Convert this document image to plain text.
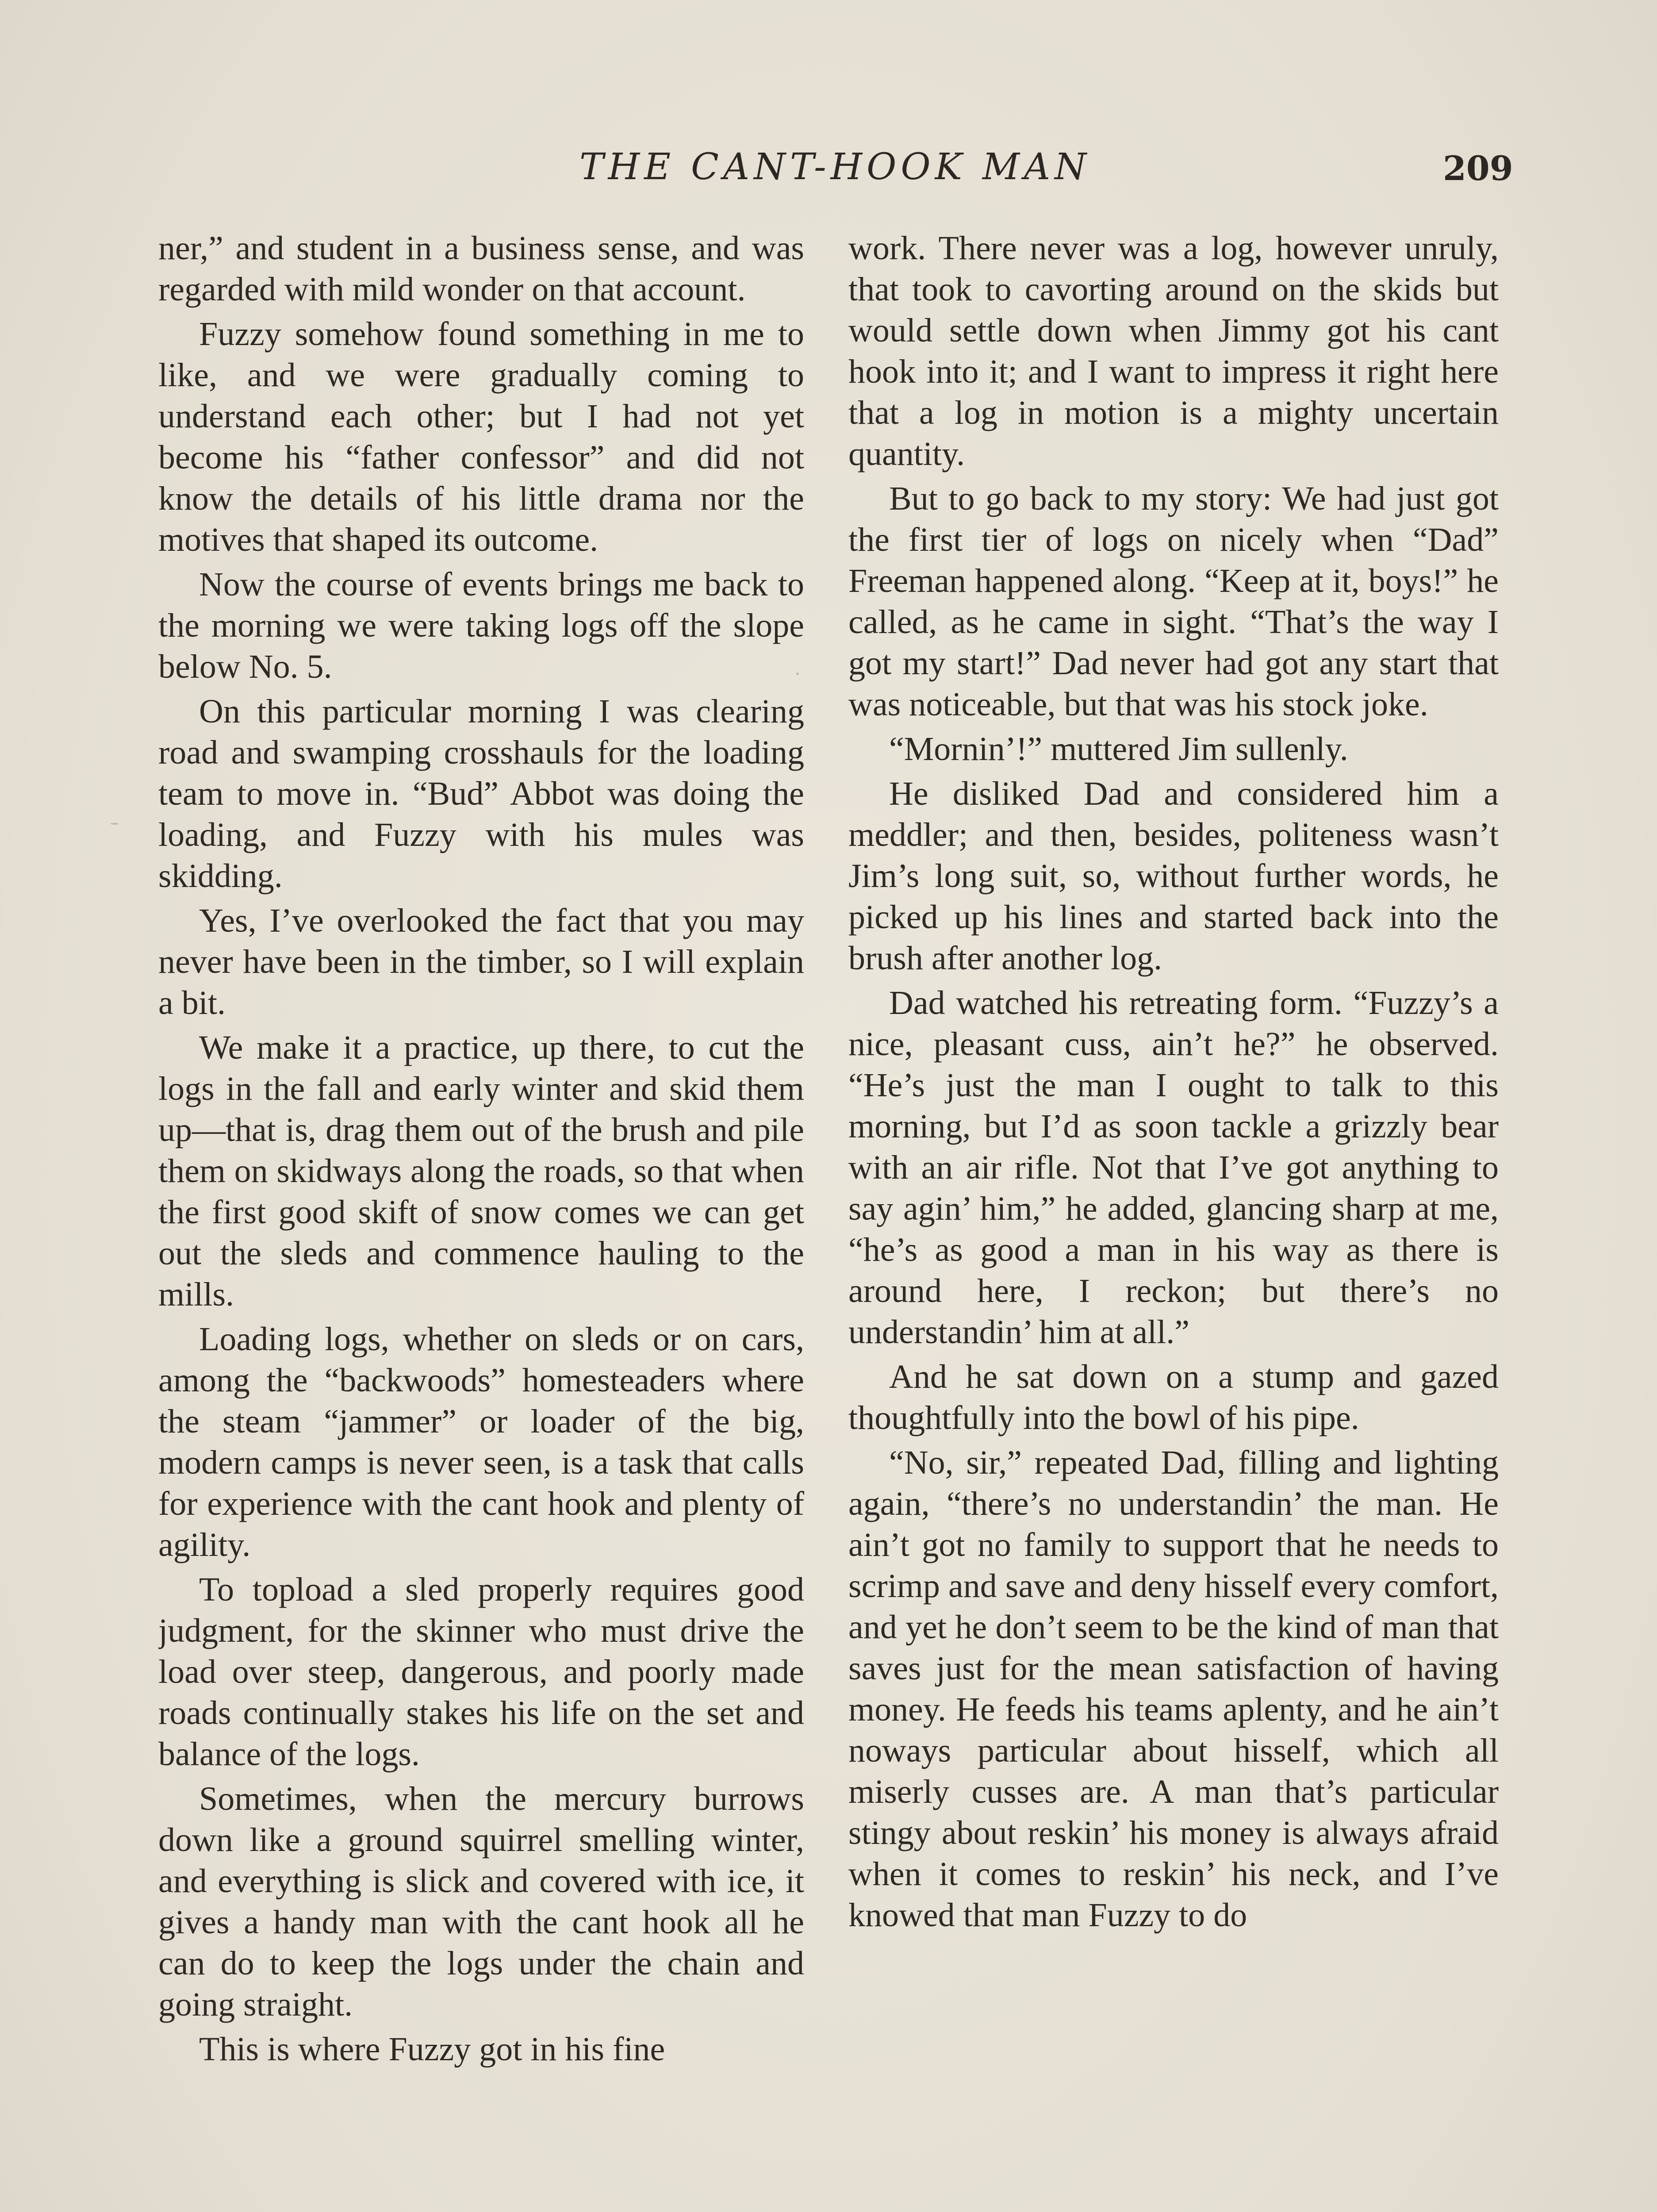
THE CANT-HOOK MAN	209

ner,” and student in a business sense, and was regarded with mild wonder on that account.

Fuzzy somehow found something in me to like, and we were gradually coming to understand each other; but I had not yet become his “father confessor” and did not know the details of his little drama nor the motives that shaped its outcome.

Now the course of events brings me back to the morning we were taking logs off the slope below No. 5.

On this particular morning I was clearing road and swamping crosshauls for the loading team to move in. “Bud” Abbot was doing the loading, and Fuzzy with his mules was skidding.

Yes, I’ve overlooked the fact that you may never have been in the timber, so I will explain a bit.

We make it a practice, up there, to cut the logs in the fall and early winter and skid them up—that is, drag them out of the brush and pile them on skidways along the roads, so that when the first good skift of snow comes we can get out the sleds and commence hauling to the mills.

Loading logs, whether on sleds or on cars, among the “backwoods” homesteaders where the steam “jammer” or loader of the big, modern camps is never seen, is a task that calls for experience with the cant hook and plenty of agility.

To topload a sled properly requires good judgment, for the skinner who must drive the load over steep, dangerous, and poorly made roads continually stakes his life on the set and balance of the logs.

Sometimes, when the mercury burrows down like a ground squirrel smelling winter, and everything is slick and covered with ice, it gives a handy man with the cant hook all he can do to keep the logs under the chain and going straight.

This is where Fuzzy got in his fine

work. There never was a log, however unruly, that took to cavorting around on the skids but would settle down when Jimmy got his cant hook into it; and I want to impress it right here that a log in motion is a mighty uncertain quantity.

But to go back to my story: We had just got the first tier of logs on nicely when “Dad” Freeman happened along. “Keep at it, boys!” he called, as he came in sight. “That’s the way I got my start!” Dad never had got any start that was noticeable, but that was his stock joke.

“Mornin’!” muttered Jim sullenly.

He disliked Dad and considered him a meddler; and then, besides, politeness wasn’t Jim’s long suit, so, without further words, he picked up his lines and started back into the brush after another log.

Dad watched his retreating form. “Fuzzy’s a nice, pleasant cuss, ain’t he?” he observed. “He’s just the man I ought to talk to this morning, but I’d as soon tackle a grizzly bear with an air rifle. Not that I’ve got anything to say agin’ him,” he added, glancing sharp at me, “he’s as good a man in his way as there is around here, I reckon; but there’s no understandin’ him at all.”

And he sat down on a stump and gazed thoughtfully into the bowl of his pipe.

“No, sir,” repeated Dad, filling and lighting again, “there’s no understandin’ the man. He ain’t got no family to support that he needs to scrimp and save and deny hisself every comfort, and yet he don’t seem to be the kind of man that saves just for the mean satisfaction of having money. He feeds his teams aplenty, and he ain’t noways particular about hisself, which all miserly cusses are. A man that’s particular stingy about reskin’ his money is always afraid when it comes to reskin’ his neck, and I’ve knowed that man Fuzzy to do
